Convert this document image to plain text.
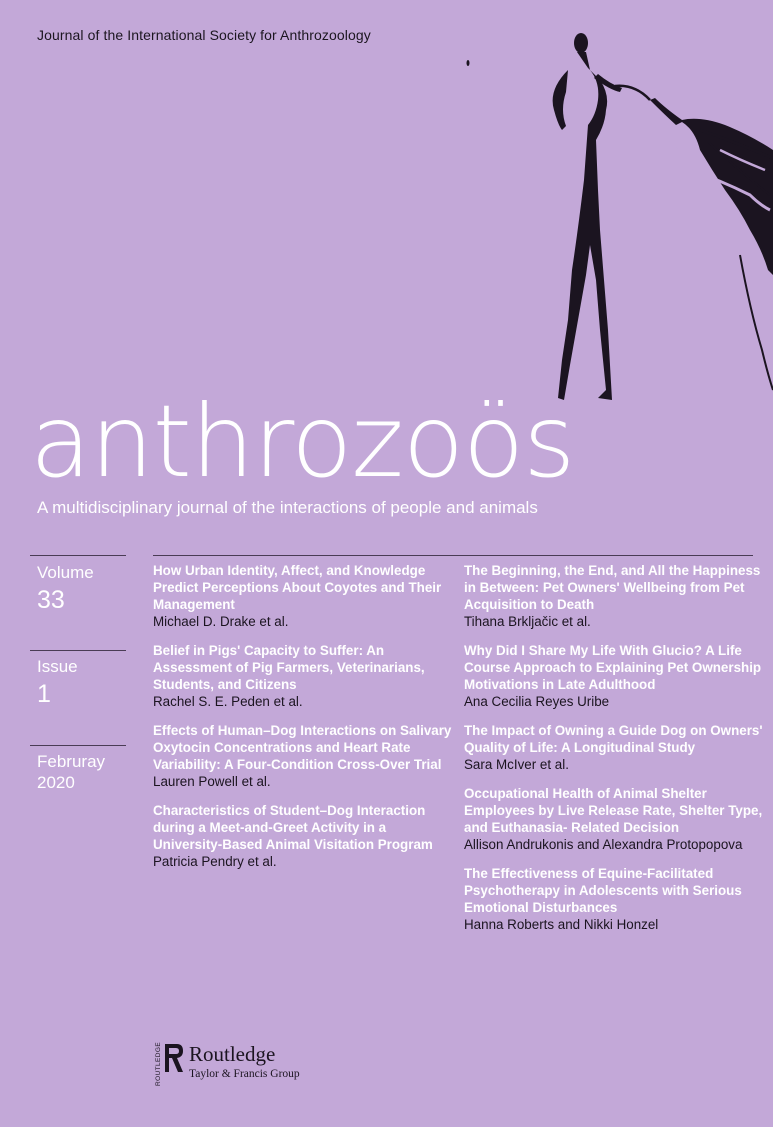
Journal of the International Society for Anthrozoology
anthrozoös
A multidisciplinary journal of the interactions of people and animals
Volume
33
Issue
1
Februray 2020
How Urban Identity, Affect, and Knowledge Predict Perceptions About Coyotes and Their Management
Michael D. Drake et al.
Belief in Pigs' Capacity to Suffer: An Assessment of Pig Farmers, Veterinarians, Students, and Citizens
Rachel S. E. Peden et al.
Effects of Human–Dog Interactions on Salivary Oxytocin Concentrations and Heart Rate Variability: A Four-Condition Cross-Over Trial
Lauren Powell et al.
Characteristics of Student–Dog Interaction during a Meet-and-Greet Activity in a University-Based Animal Visitation Program
Patricia Pendry et al.
The Beginning, the End, and All the Happiness in Between: Pet Owners' Wellbeing from Pet Acquisition to Death
Tihana Brkljačic et al.
Why Did I Share My Life With Glucio? A Life Course Approach to Explaining Pet Ownership Motivations in Late Adulthood
Ana Cecilia Reyes Uribe
The Impact of Owning a Guide Dog on Owners' Quality of Life: A Longitudinal Study
Sara McIver et al.
Occupational Health of Animal Shelter Employees by Live Release Rate, Shelter Type, and Euthanasia- Related Decision
Allison Andrukonis and Alexandra Protopopova
The Effectiveness of Equine-Facilitated Psychotherapy in Adolescents with Serious Emotional Disturbances
Hanna Roberts and Nikki Honzel
ROUTLEDGE Routledge
Taylor & Francis Group
